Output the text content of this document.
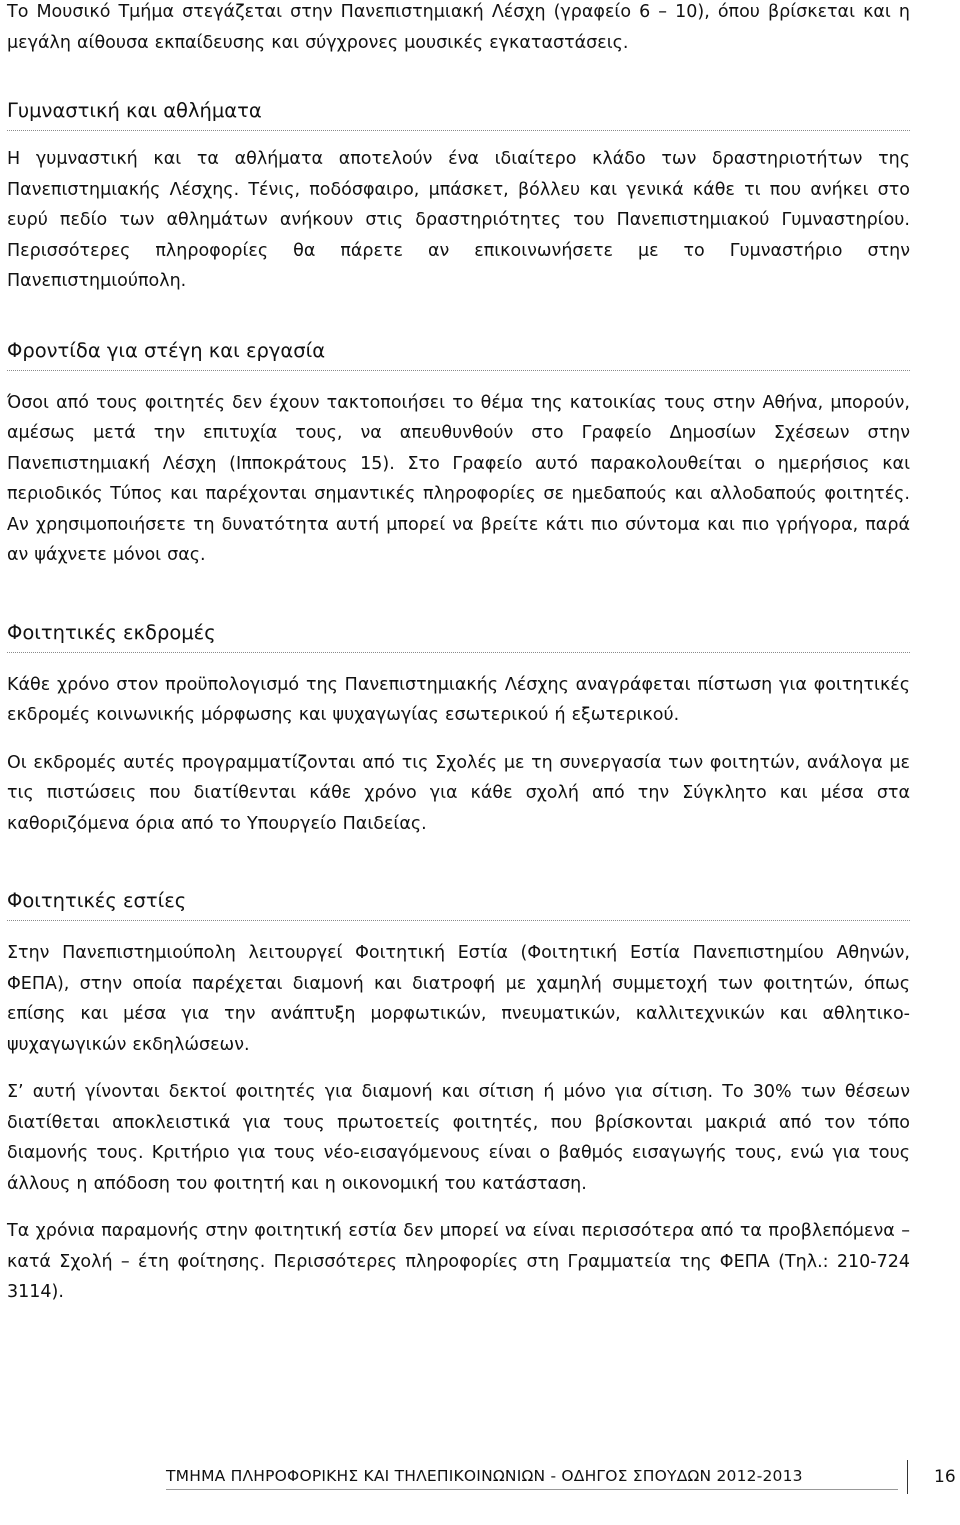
Το Μουσικό Τμήμα στεγάζεται στην Πανεπιστημιακή Λέσχη (γραφείο 6 – 10), όπου βρίσκεται και η μεγάλη αίθουσα εκπαίδευσης και σύγχρονες μουσικές εγκαταστάσεις.

Γυμναστική και αθλήματα

Η γυμναστική και τα αθλήματα αποτελούν ένα ιδιαίτερο κλάδο των δραστηριοτήτων της Πανεπιστημιακής Λέσχης. Τένις, ποδόσφαιρο, μπάσκετ, βόλλευ και γενικά κάθε τι που ανήκει στο ευρύ πεδίο των αθλημάτων ανήκουν στις δραστηριότητες του Πανεπιστημιακού Γυμναστηρίου. Περισσότερες πληροφορίες θα πάρετε αν επικοινωνήσετε με το Γυμναστήριο στην Πανεπιστημιούπολη.

Φροντίδα για στέγη και εργασία

Όσοι από τους φοιτητές δεν έχουν τακτοποιήσει το θέμα της κατοικίας τους στην Αθήνα, μπορούν, αμέσως μετά την επιτυχία τους, να απευθυνθούν στο Γραφείο Δημοσίων Σχέσεων στην Πανεπιστημιακή Λέσχη (Ιπποκράτους 15). Στο Γραφείο αυτό παρακολουθείται ο ημερήσιος και περιοδικός Τύπος και παρέχονται σημαντικές πληροφορίες σε ημεδαπούς και αλλοδαπούς φοιτητές. Αν χρησιμοποιήσετε τη δυνατότητα αυτή μπορεί να βρείτε κάτι πιο σύντομα και πιο γρήγορα, παρά αν ψάχνετε μόνοι σας.

Φοιτητικές εκδρομές

Κάθε χρόνο στον προϋπολογισμό της Πανεπιστημιακής Λέσχης αναγράφεται πίστωση για φοιτητικές εκδρομές κοινωνικής μόρφωσης και ψυχαγωγίας εσωτερικού ή εξωτερικού.

Οι εκδρομές αυτές προγραμματίζονται από τις Σχολές με τη συνεργασία των φοιτητών, ανάλογα με τις πιστώσεις που διατίθενται κάθε χρόνο για κάθε σχολή από την Σύγκλητο και μέσα στα καθοριζόμενα όρια από το Υπουργείο Παιδείας.

Φοιτητικές εστίες

Στην Πανεπιστημιούπολη λειτουργεί Φοιτητική Εστία (Φοιτητική Εστία Πανεπιστημίου Αθηνών, ΦΕΠΑ), στην οποία παρέχεται διαμονή και διατροφή με χαμηλή συμμετοχή των φοιτητών, όπως επίσης και μέσα για την ανάπτυξη μορφωτικών, πνευματικών, καλλιτεχνικών και αθλητικο-ψυχαγωγικών εκδηλώσεων.

Σ’ αυτή γίνονται δεκτοί φοιτητές για διαμονή και σίτιση ή μόνο για σίτιση. Το 30% των θέσεων διατίθεται αποκλειστικά για τους πρωτοετείς φοιτητές, που βρίσκονται μακριά από τον τόπο διαμονής τους. Κριτήριο για τους νέο-εισαγόμενους είναι ο βαθμός εισαγωγής τους, ενώ για τους άλλους η απόδοση του φοιτητή και η οικονομική του κατάσταση.

Τα χρόνια παραμονής στην φοιτητική εστία δεν μπορεί να είναι περισσότερα από τα προβλεπόμενα – κατά Σχολή – έτη φοίτησης. Περισσότερες πληροφορίες στη Γραμματεία της ΦΕΠΑ (Τηλ.: 210-724 3114).

ΤΜΗΜΑ ΠΛΗΡΟΦΟΡΙΚΗΣ ΚΑΙ ΤΗΛΕΠΙΚΟΙΝΩΝΙΩΝ - ΟΔΗΓΟΣ ΣΠΟΥΔΩΝ 2012-2013	16
